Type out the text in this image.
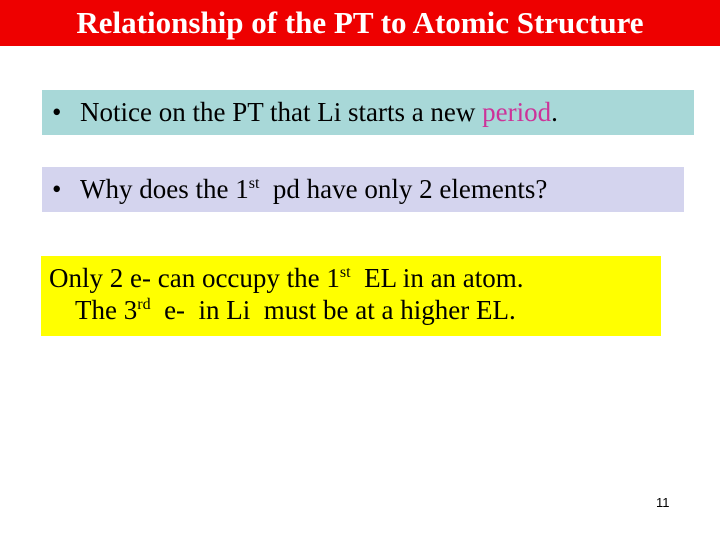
Relationship of the PT to Atomic Structure
• Notice on the PT that Li starts a new period.
• Why does the 1st  pd have only 2 elements?
Only 2 e- can occupy the 1st  EL in an atom.
The 3rd  e-  in Li  must be at a higher EL.
11
